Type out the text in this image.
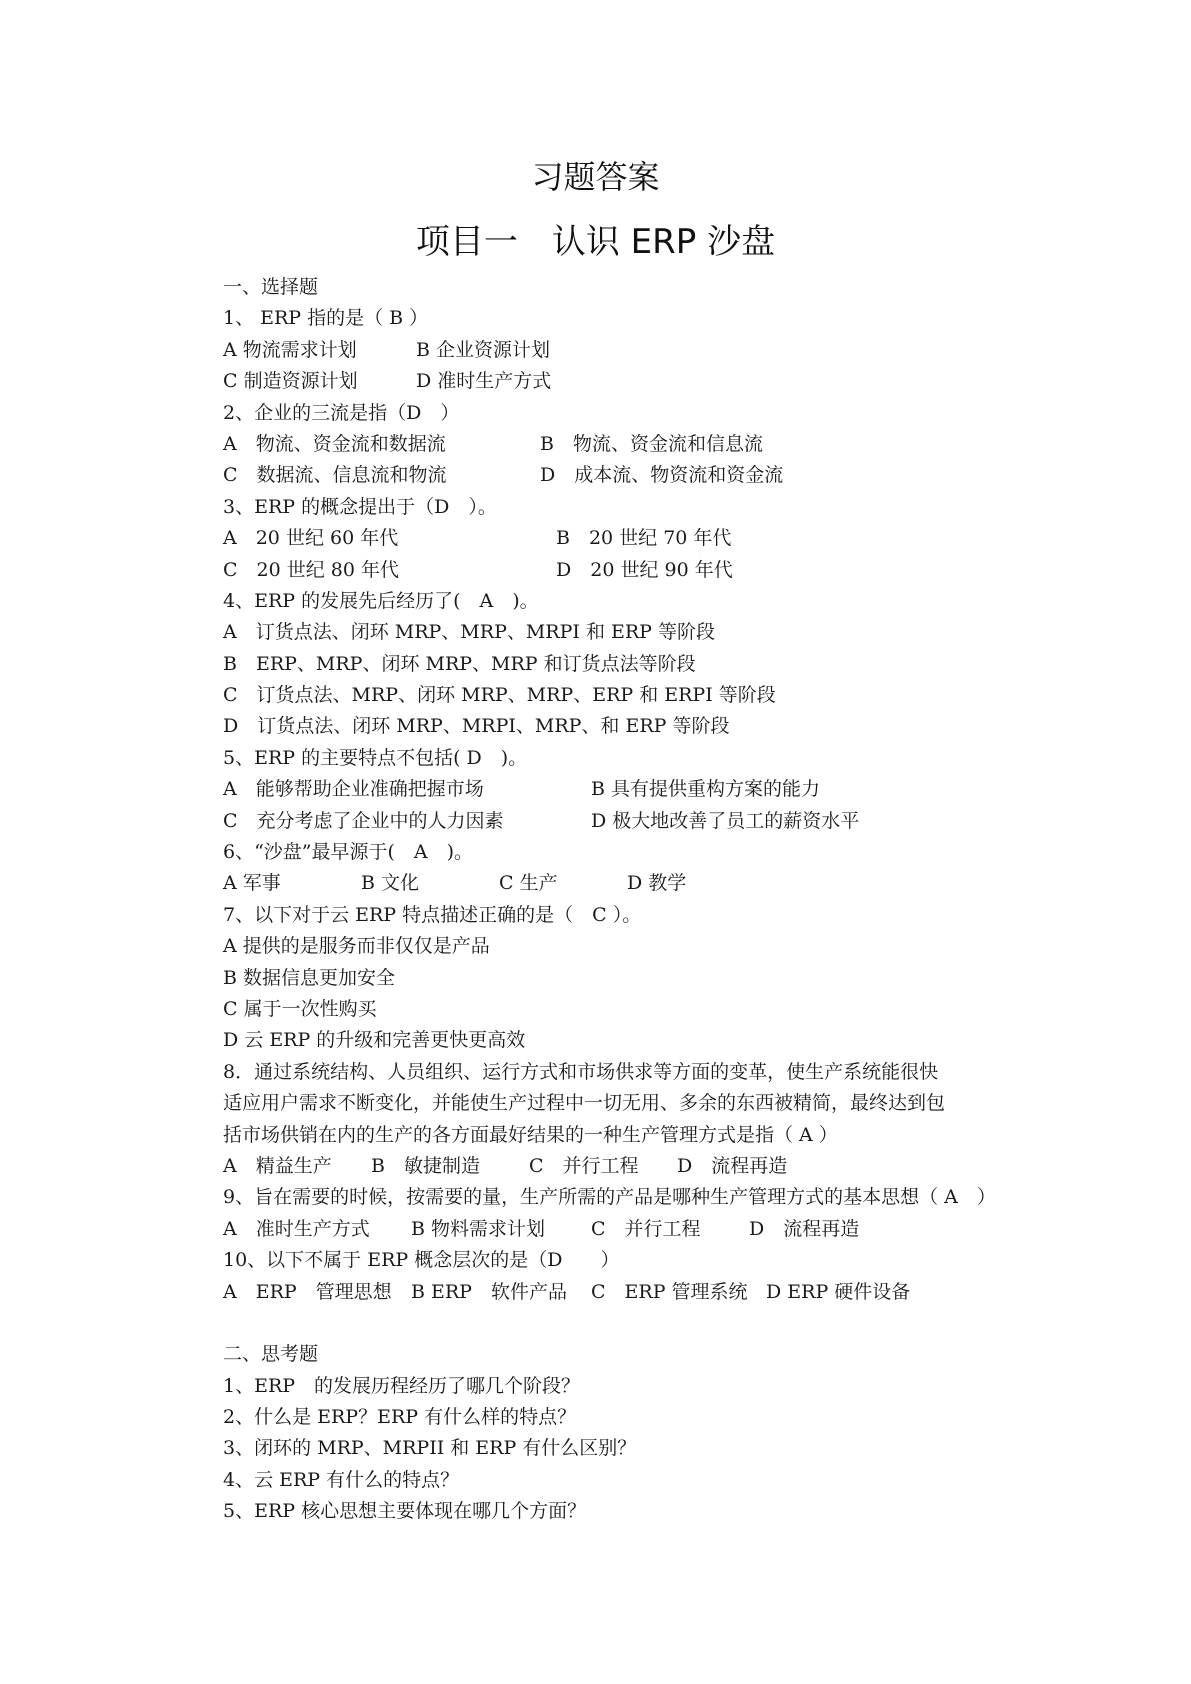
习题答案
项目一　认识 ERP 沙盘
一、选择题
1、 ERP 指的是（ B ）
A 物流需求计划	B 企业资源计划
C 制造资源计划	D 准时生产方式
2、企业的三流是指（D　）
A　物流、资金流和数据流	B　物流、资金流和信息流
C　数据流、信息流和物流	D　成本流、物资流和资金流
3、ERP 的概念提出于（D　）。
A　20 世纪 60 年代	B　20 世纪 70 年代
C　20 世纪 80 年代	D　20 世纪 90 年代
4、ERP 的发展先后经历了(　A　)。
A　订货点法、闭环 MRP、MRP、MRPI 和 ERP 等阶段
B　ERP、MRP、闭环 MRP、MRP 和订货点法等阶段
C　订货点法、MRP、闭环 MRP、MRP、ERP 和 ERPI 等阶段
D　订货点法、闭环 MRP、MRPI、MRP、和 ERP 等阶段
5、ERP 的主要特点不包括( D　)。
A　能够帮助企业准确把握市场	B 具有提供重构方案的能力
C　充分考虑了企业中的人力因素	D 极大地改善了员工的薪资水平
6、“沙盘”最早源于(　A　)。
A 军事	B 文化	C 生产	D 教学
7、以下对于云 ERP 特点描述正确的是（　C ）。
A 提供的是服务而非仅仅是产品
B 数据信息更加安全
C 属于一次性购买
D 云 ERP 的升级和完善更快更高效
8．通过系统结构、人员组织、运行方式和市场供求等方面的变革，使生产系统能很快
适应用户需求不断变化，并能使生产过程中一切无用、多余的东西被精简，最终达到包
括市场供销在内的生产的各方面最好结果的一种生产管理方式是指（ A ）
A　精益生产	B　敏捷制造	C　并行工程	D　流程再造
9、旨在需要的时候，按需要的量，生产所需的产品是哪种生产管理方式的基本思想（ A　）
A　准时生产方式	B 物料需求计划	C　并行工程	D　流程再造
10、以下不属于 ERP 概念层次的是（D　　）
A　ERP　管理思想	B ERP　软件产品	C　ERP 管理系统 D ERP 硬件设备
二、思考题
1、ERP　的发展历程经历了哪几个阶段？
2、什么是 ERP？ERP 有什么样的特点？
3、闭环的 MRP、MRPII 和 ERP 有什么区别？
4、云 ERP 有什么的特点？
5、ERP 核心思想主要体现在哪几个方面？
